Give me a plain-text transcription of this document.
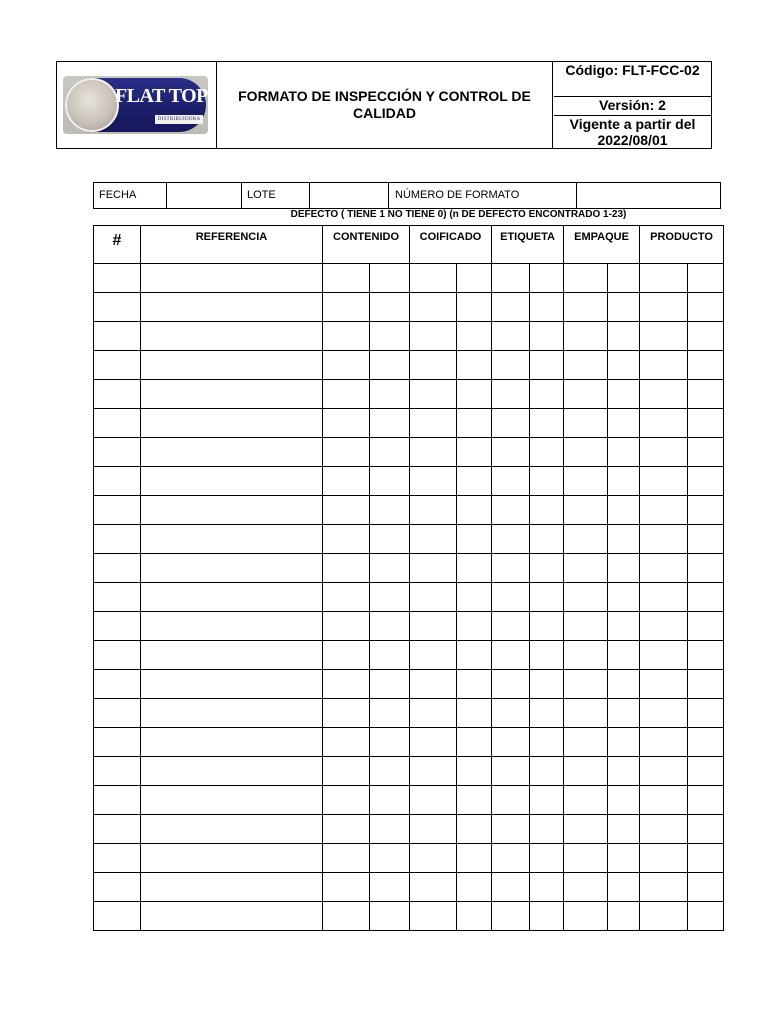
FLAT TOP
DISTRIBUIDORA
FORMATO DE INSPECCIÓN Y CONTROL DE CALIDAD
Código: FLT-FCC-02
Versión: 2
Vigente a partir del 2022/08/01
FECHA	LOTE	NÚMERO DE FORMATO
DEFECTO ( TIENE 1 NO TIENE 0) (n DE DEFECTO ENCONTRADO 1-23)
#	REFERENCIA	CONTENIDO		COIFICADO		ETIQUETA		EMPAQUE		PRODUCTO	
